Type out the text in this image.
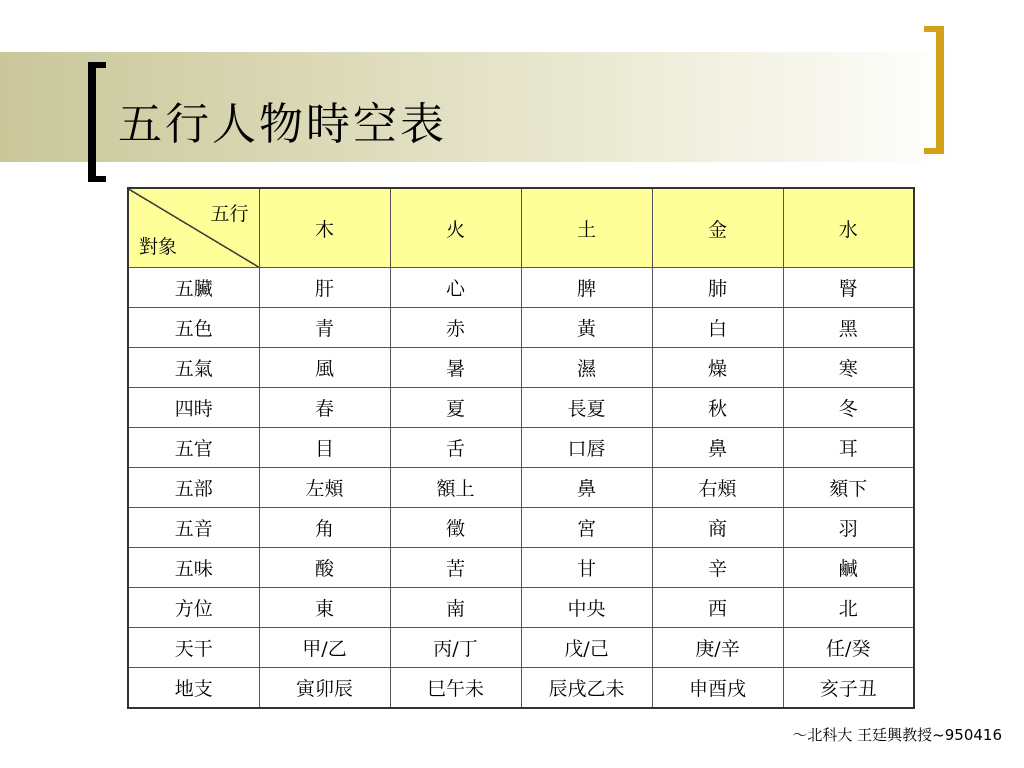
五行人物時空表
五行
對象	木	火	土	金	水
五臟	肝	心	脾	肺	腎
五色	青	赤	黃	白	黑
五氣	風	暑	濕	燥	寒
四時	春	夏	長夏	秋	冬
五官	目	舌	口唇	鼻	耳
五部	左頰	額上	鼻	右頰	頦下
五音	角	徵	宮	商	羽
五味	酸	苦	甘	辛	鹹
方位	東	南	中央	西	北
天干	甲/乙	丙/丁	戊/己	庚/辛	任/癸
地支	寅卯辰	巳午未	辰戌乙未	申酉戌	亥子丑
～北科大 王廷興教授~950416
